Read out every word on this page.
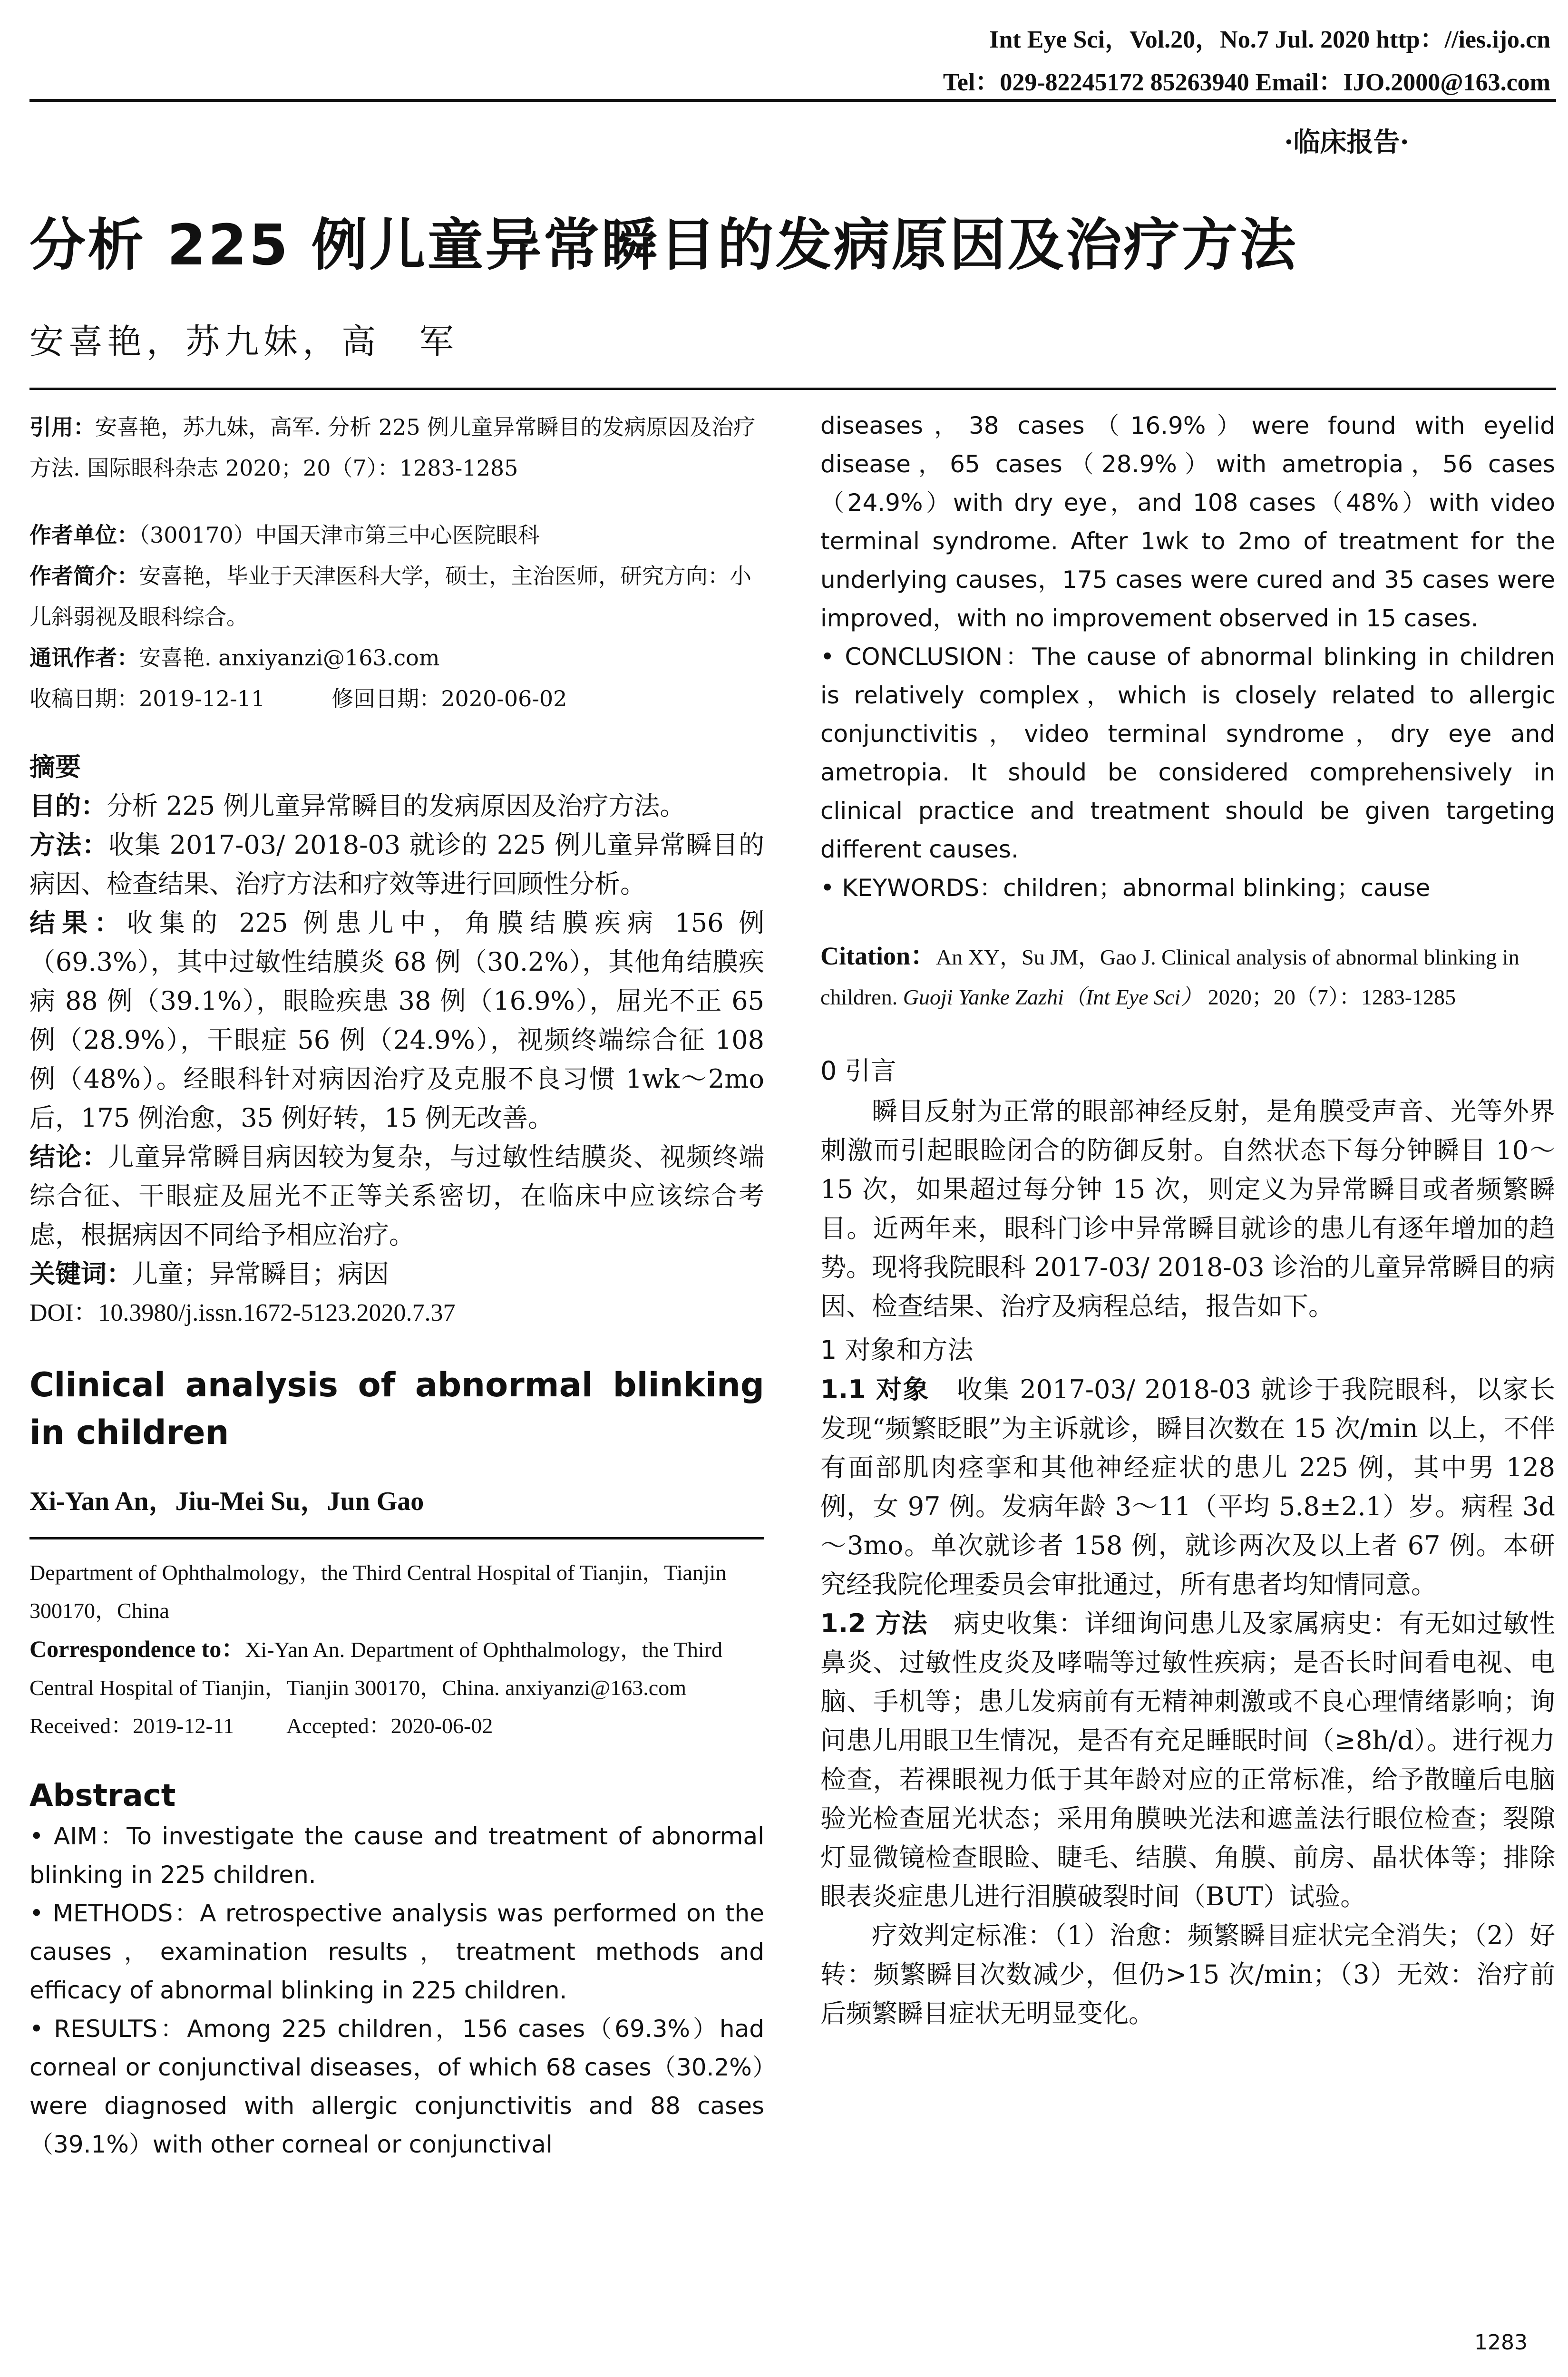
Int Eye Sci，Vol.20，No.7 Jul. 2020 http：//ies.ijo.cn
Tel：029-82245172 85263940 Email：IJO.2000@163.com
·临床报告·
分析 225 例儿童异常瞬目的发病原因及治疗方法
安喜艳，苏九妹，高　军

引用：安喜艳，苏九妹，高军. 分析 225 例儿童异常瞬目的发病原因及治疗方法. 国际眼科杂志 2020；20（7）：1283-1285

作者单位：（300170）中国天津市第三中心医院眼科

作者简介：安喜艳，毕业于天津医科大学，硕士，主治医师，研究方向：小儿斜弱视及眼科综合。

通讯作者：安喜艳. anxiyanzi@163.com

收稿日期：2019-12-11	修回日期：2020-06-02

摘要

目的：分析 225 例儿童异常瞬目的发病原因及治疗方法。

方法：收集 2017-03/ 2018-03 就诊的 225 例儿童异常瞬目的病因、检查结果、治疗方法和疗效等进行回顾性分析。

结果：收集的 225 例患儿中，角膜结膜疾病 156 例（69.3%），其中过敏性结膜炎 68 例（30.2%），其他角结膜疾病 88 例（39.1%），眼睑疾患 38 例（16.9%），屈光不正 65 例（28.9%），干眼症 56 例（24.9%），视频终端综合征 108 例（48%）。经眼科针对病因治疗及克服不良习惯 1wk～2mo 后，175 例治愈，35 例好转，15 例无改善。

结论：儿童异常瞬目病因较为复杂，与过敏性结膜炎、视频终端综合征、干眼症及屈光不正等关系密切，在临床中应该综合考虑，根据病因不同给予相应治疗。

关键词：儿童；异常瞬目；病因

DOI：10.3980/j.issn.1672-5123.2020.7.37

Clinical analysis of abnormal blinking in children

Xi-Yan An，Jiu-Mei Su，Jun Gao

Department of Ophthalmology，the Third Central Hospital of Tianjin，Tianjin 300170，China

Correspondence to：Xi-Yan An. Department of Ophthalmology，the Third Central Hospital of Tianjin，Tianjin 300170，China. anxiyanzi@163.com

Received：2019-12-11 Accepted：2020-06-02

Abstract

• AIM：To investigate the cause and treatment of abnormal blinking in 225 children.

• METHODS：A retrospective analysis was performed on the causes，examination results，treatment methods and efficacy of abnormal blinking in 225 children.

• RESULTS：Among 225 children，156 cases（69.3%）had corneal or conjunctival diseases，of which 68 cases（30.2%）were diagnosed with allergic conjunctivitis and 88 cases（39.1%）with other corneal or conjunctival

diseases，38 cases（16.9%）were found with eyelid disease，65 cases（28.9%）with ametropia，56 cases（24.9%）with dry eye，and 108 cases（48%）with video terminal syndrome. After 1wk to 2mo of treatment for the underlying causes，175 cases were cured and 35 cases were improved，with no improvement observed in 15 cases.

• CONCLUSION：The cause of abnormal blinking in children is relatively complex，which is closely related to allergic conjunctivitis，video terminal syndrome，dry eye and ametropia. It should be considered comprehensively in clinical practice and treatment should be given targeting different causes.

• KEYWORDS：children；abnormal blinking；cause

Citation：An XY，Su JM，Gao J. Clinical analysis of abnormal blinking in children. Guoji Yanke Zazhi（Int Eye Sci） 2020；20（7）：1283-1285

0 引言

瞬目反射为正常的眼部神经反射，是角膜受声音、光等外界刺激而引起眼睑闭合的防御反射。自然状态下每分钟瞬目 10～15 次，如果超过每分钟 15 次，则定义为异常瞬目或者频繁瞬目。近两年来，眼科门诊中异常瞬目就诊的患儿有逐年增加的趋势。现将我院眼科 2017-03/ 2018-03 诊治的儿童异常瞬目的病因、检查结果、治疗及病程总结，报告如下。

1 对象和方法

1.1 对象　收集 2017-03/ 2018-03 就诊于我院眼科，以家长发现“频繁眨眼”为主诉就诊，瞬目次数在 15 次/min 以上，不伴有面部肌肉痉挛和其他神经症状的患儿 225 例，其中男 128 例，女 97 例。发病年龄 3～11（平均 5.8±2.1）岁。病程 3d～3mo。单次就诊者 158 例，就诊两次及以上者 67 例。本研究经我院伦理委员会审批通过，所有患者均知情同意。

1.2 方法　病史收集：详细询问患儿及家属病史：有无如过敏性鼻炎、过敏性皮炎及哮喘等过敏性疾病；是否长时间看电视、电脑、手机等；患儿发病前有无精神刺激或不良心理情绪影响；询问患儿用眼卫生情况，是否有充足睡眠时间（≥8h/d）。进行视力检查，若裸眼视力低于其年龄对应的正常标准，给予散瞳后电脑验光检查屈光状态；采用角膜映光法和遮盖法行眼位检查；裂隙灯显微镜检查眼睑、睫毛、结膜、角膜、前房、晶状体等；排除眼表炎症患儿进行泪膜破裂时间（BUT）试验。

疗效判定标准：（1）治愈：频繁瞬目症状完全消失；（2）好转：频繁瞬目次数减少，但仍>15 次/min；（3）无效：治疗前后频繁瞬目症状无明显变化。

1283
